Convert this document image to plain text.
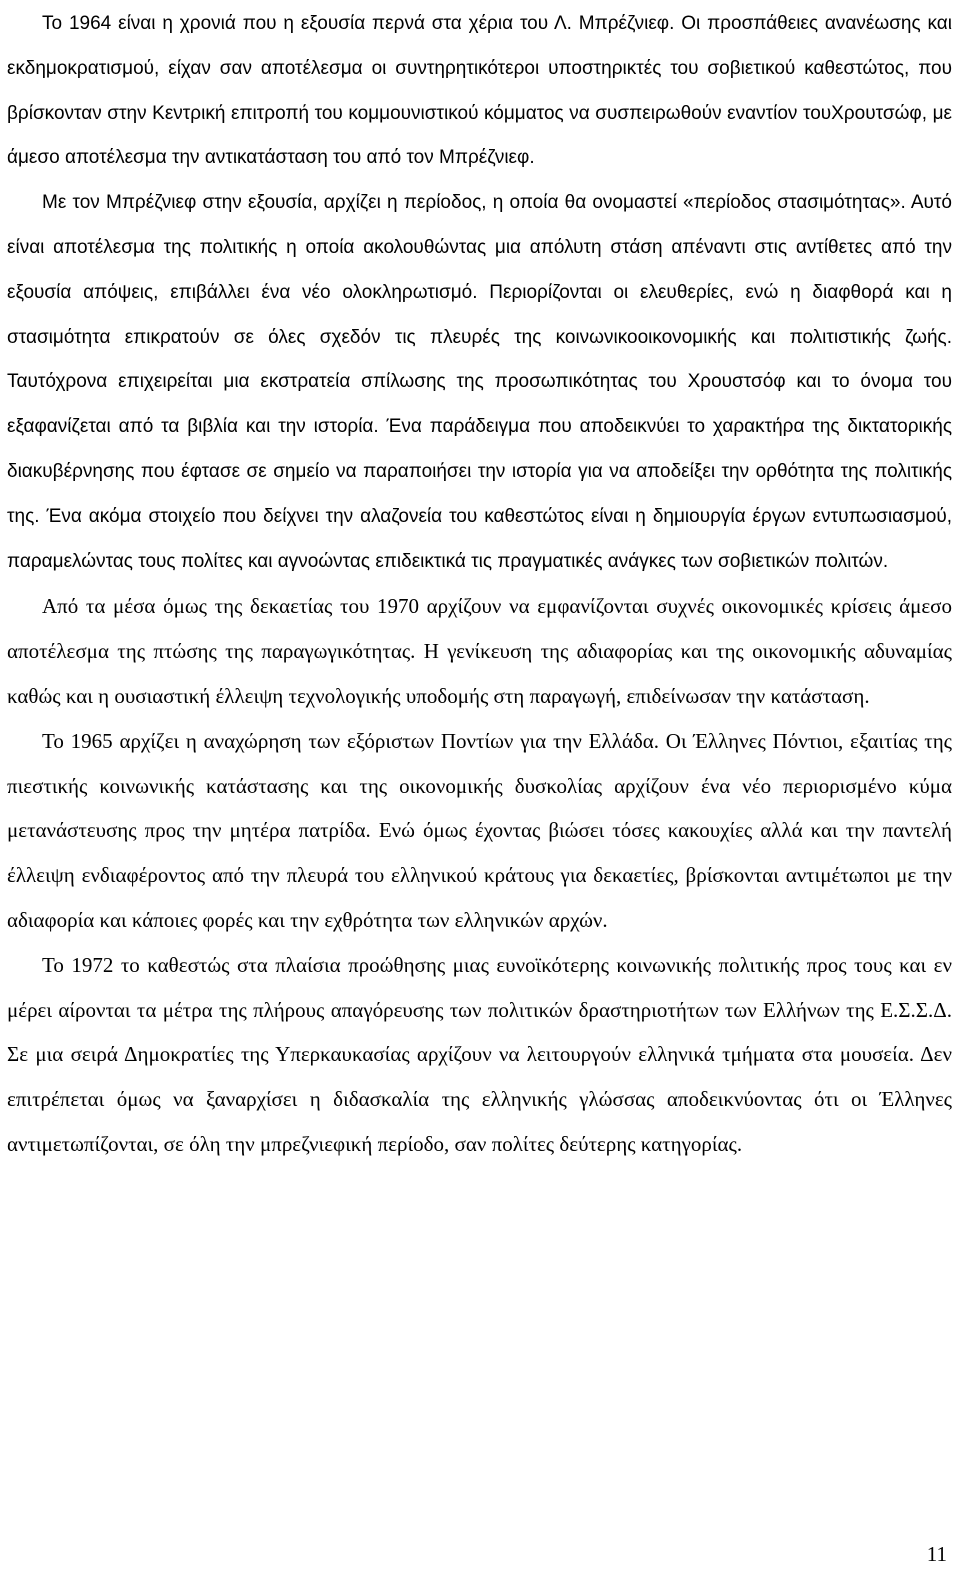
Το 1964 είναι η χρονιά που η εξουσία περνά στα χέρια του Λ. Μπρέζνιεφ. Οι προσπάθειες ανανέωσης και εκδημοκρατισμού, είχαν σαν αποτέλεσμα οι συντηρητικότεροι υποστηρικτές του σοβιετικού καθεστώτος, που βρίσκονταν στην Κεντρική επιτροπή του κομμουνιστικού κόμματος να συσπειρωθούν εναντίον τουΧρουτσώφ, με άμεσο αποτέλεσμα την αντικατάσταση του από τον Μπρέζνιεφ.

Με τον Μπρέζνιεφ στην εξουσία, αρχίζει η περίοδος, η οποία θα ονομαστεί «περίοδος στασιμότητας». Αυτό είναι αποτέλεσμα της πολιτικής η οποία ακολουθώντας μια απόλυτη στάση απέναντι στις αντίθετες από την εξουσία απόψεις, επιβάλλει ένα νέο ολοκληρωτισμό. Περιορίζονται οι ελευθερίες, ενώ η διαφθορά και η στασιμότητα επικρατούν σε όλες σχεδόν τις πλευρές της κοινωνικοοικονομικής και πολιτιστικής ζωής. Ταυτόχρονα επιχειρείται μια εκστρατεία σπίλωσης της προσωπικότητας του Χρουστσόφ και το όνομα του εξαφανίζεται από τα βιβλία και την ιστορία. Ένα παράδειγμα που αποδεικνύει το χαρακτήρα της δικτατορικής διακυβέρνησης που έφτασε σε σημείο να παραποιήσει την ιστορία για να αποδείξει την ορθότητα της πολιτικής της. Ένα ακόμα στοιχείο που δείχνει την αλαζονεία του καθεστώτος είναι η δημιουργία έργων εντυπωσιασμού, παραμελώντας τους πολίτες και αγνοώντας επιδεικτικά τις πραγματικές ανάγκες των σοβιετικών πολιτών.

Από τα μέσα όμως της δεκαετίας του 1970 αρχίζουν να εμφανίζονται συχνές οικονομικές κρίσεις άμεσο αποτέλεσμα της πτώσης της παραγωγικότητας. Η γενίκευση της αδιαφορίας και της οικονομικής αδυναμίας καθώς και η ουσιαστική έλλειψη τεχνολογικής υποδομής στη παραγωγή, επιδείνωσαν την κατάσταση.

Το 1965 αρχίζει η αναχώρηση των εξόριστων Ποντίων για την Ελλάδα. Οι Έλληνες Πόντιοι, εξαιτίας της πιεστικής κοινωνικής κατάστασης και της οικονομικής δυσκολίας αρχίζουν ένα νέο περιορισμένο κύμα μετανάστευσης προς την μητέρα πατρίδα. Ενώ όμως έχοντας βιώσει τόσες κακουχίες αλλά και την παντελή έλλειψη ενδιαφέροντος από την πλευρά του ελληνικού κράτους για δεκαετίες, βρίσκονται αντιμέτωποι με την αδιαφορία και κάποιες φορές και την εχθρότητα των ελληνικών αρχών.

Το 1972 το καθεστώς στα πλαίσια προώθησης μιας ευνοϊκότερης κοινωνικής πολιτικής προς τους και εν μέρει αίρονται τα μέτρα της πλήρους απαγόρευσης των πολιτικών δραστηριοτήτων των Ελλήνων της Ε.Σ.Σ.Δ. Σε μια σειρά Δημοκρατίες της Υπερκαυκασίας αρχίζουν να λειτουργούν ελληνικά τμήματα στα μουσεία. Δεν επιτρέπεται όμως να ξαναρχίσει η διδασκαλία της ελληνικής γλώσσας αποδεικνύοντας ότι οι Έλληνες αντιμετωπίζονται, σε όλη την μπρεζνιεφική περίοδο, σαν πολίτες δεύτερης κατηγορίας.

11
